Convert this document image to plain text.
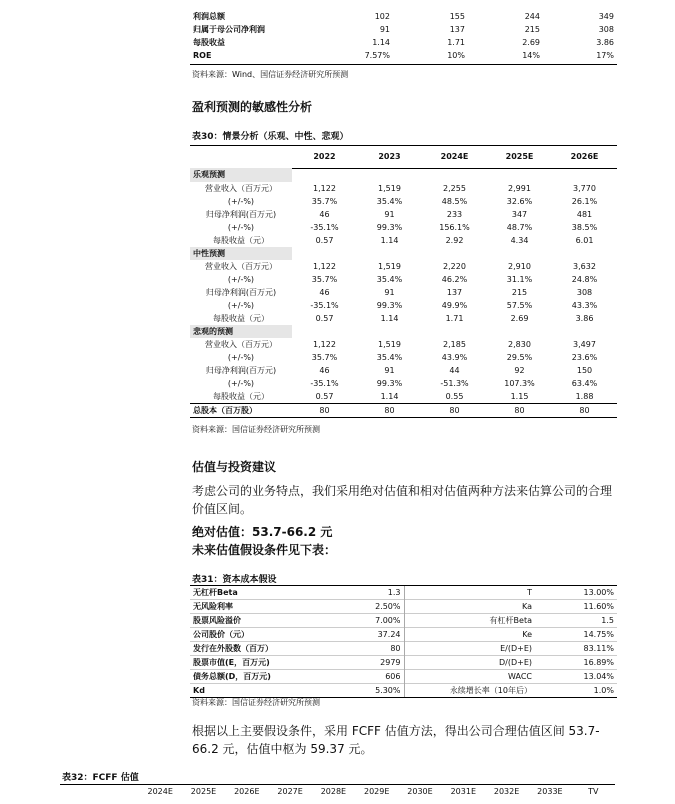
利润总额	102	155	244	349
归属于母公司净利润	91	137	215	308
每股收益	1.14	1.71	2.69	3.86
ROE	7.57%	10%	14%	17%
资料来源：Wind、国信证券经济研究所预测
盈利预测的敏感性分析
表30：情景分析（乐观、中性、悲观）
	2022	2023	2024E	2025E	2026E
乐观预测					
营业收入（百万元）	1,122	1,519	2,255	2,991	3,770
(+/-%)	35.7%	35.4%	48.5%	32.6%	26.1%
归母净利润(百万元)	46	91	233	347	481
(+/-%)	-35.1%	99.3%	156.1%	48.7%	38.5%
每股收益（元）	0.57	1.14	2.92	4.34	6.01
中性预测					
营业收入（百万元）	1,122	1,519	2,220	2,910	3,632
(+/-%)	35.7%	35.4%	46.2%	31.1%	24.8%
归母净利润(百万元)	46	91	137	215	308
(+/-%)	-35.1%	99.3%	49.9%	57.5%	43.3%
每股收益（元）	0.57	1.14	1.71	2.69	3.86
悲观的预测					
营业收入（百万元）	1,122	1,519	2,185	2,830	3,497
(+/-%)	35.7%	35.4%	43.9%	29.5%	23.6%
归母净利润(百万元)	46	91	44	92	150
(+/-%)	-35.1%	99.3%	-51.3%	107.3%	63.4%
每股收益（元）	0.57	1.14	0.55	1.15	1.88
总股本（百万股）	80	80	80	80	80
资料来源：国信证券经济研究所预测
估值与投资建议
考虑公司的业务特点，我们采用绝对估值和相对估值两种方法来估算公司的合理价值区间。
绝对估值：53.7-66.2 元
未来估值假设条件见下表：
表31：资本成本假设
无杠杆Beta	1.3	T	13.00%
无风险利率	2.50%	Ka	11.60%
股票风险溢价	7.00%	有杠杆Beta	1.5
公司股价（元）	37.24	Ke	14.75%
发行在外股数（百万）	80	E/(D+E)	83.11%
股票市值(E，百万元)	2979	D/(D+E)	16.89%
债务总额(D，百万元)	606	WACC	13.04%
Kd	5.30%	永续增长率（10年后）	1.0%
资料来源：国信证券经济研究所预测
根据以上主要假设条件，采用 FCFF 估值方法，得出公司合理估值区间 53.7-66.2 元，估值中枢为 59.37 元。
表32：FCFF 估值
	2024E	2025E	2026E	2027E	2028E	2029E	2030E	2031E	2032E	2033E	TV
